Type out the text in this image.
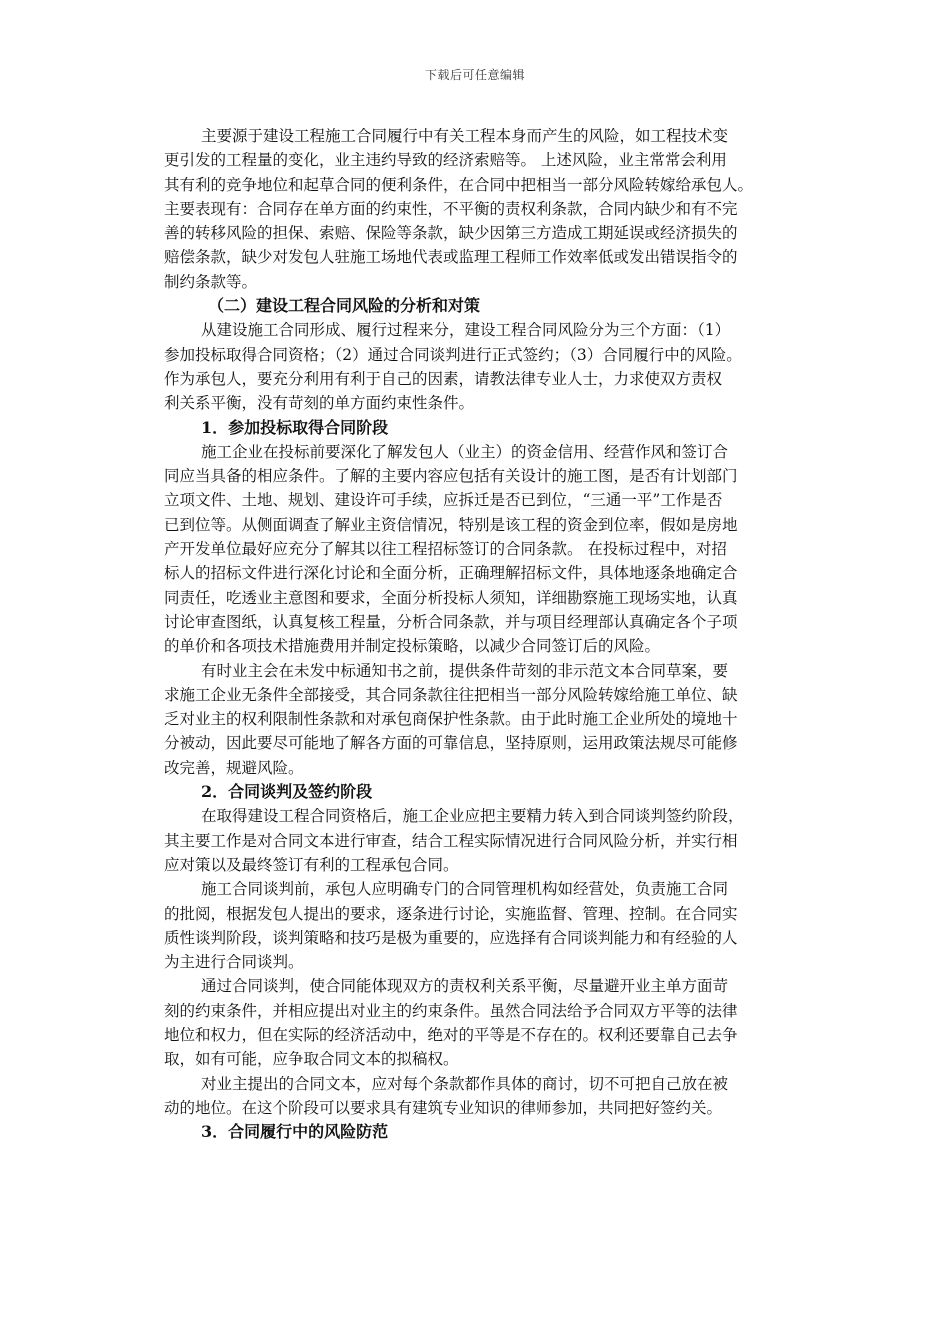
下载后可任意编辑
主要源于建设工程施工合同履行中有关工程本身而产生的风险，如工程技术变
更引发的工程量的变化，业主违约导致的经济索赔等。 上述风险，业主常常会利用
其有利的竞争地位和起草合同的便利条件，在合同中把相当一部分风险转嫁给承包人。
主要表现有：合同存在单方面的约束性，不平衡的责权利条款，合同内缺少和有不完
善的转移风险的担保、索赔、保险等条款，缺少因第三方造成工期延误或经济损失的
赔偿条款，缺少对发包人驻施工场地代表或监理工程师工作效率低或发出错误指令的
制约条款等。
（二）建设工程合同风险的分析和对策
从建设施工合同形成、履行过程来分，建设工程合同风险分为三个方面：（1）
参加投标取得合同资格；（2）通过合同谈判进行正式签约；（3）合同履行中的风险。
作为承包人，要充分利用有利于自己的因素，请教法律专业人士，力求使双方责权
利关系平衡，没有苛刻的单方面约束性条件。
1．参加投标取得合同阶段
施工企业在投标前要深化了解发包人（业主）的资金信用、经营作风和签订合
同应当具备的相应条件。了解的主要内容应包括有关设计的施工图，是否有计划部门
立项文件、土地、规划、建设许可手续，应拆迁是否已到位，“三通一平”工作是否
已到位等。从侧面调查了解业主资信情况，特别是该工程的资金到位率，假如是房地
产开发单位最好应充分了解其以往工程招标签订的合同条款。 在投标过程中，对招
标人的招标文件进行深化讨论和全面分析，正确理解招标文件，具体地逐条地确定合
同责任，吃透业主意图和要求，全面分析投标人须知，详细勘察施工现场实地，认真
讨论审查图纸，认真复核工程量，分析合同条款，并与项目经理部认真确定各个子项
的单价和各项技术措施费用并制定投标策略，以减少合同签订后的风险。
有时业主会在未发中标通知书之前，提供条件苛刻的非示范文本合同草案，要
求施工企业无条件全部接受，其合同条款往往把相当一部分风险转嫁给施工单位、缺
乏对业主的权利限制性条款和对承包商保护性条款。由于此时施工企业所处的境地十
分被动，因此要尽可能地了解各方面的可靠信息，坚持原则，运用政策法规尽可能修
改完善，规避风险。
2．合同谈判及签约阶段
在取得建设工程合同资格后，施工企业应把主要精力转入到合同谈判签约阶段，
其主要工作是对合同文本进行审查，结合工程实际情况进行合同风险分析，并实行相
应对策以及最终签订有利的工程承包合同。
施工合同谈判前，承包人应明确专门的合同管理机构如经营处，负责施工合同
的批阅，根据发包人提出的要求，逐条进行讨论，实施监督、管理、控制。在合同实
质性谈判阶段，谈判策略和技巧是极为重要的，应选择有合同谈判能力和有经验的人
为主进行合同谈判。
通过合同谈判，使合同能体现双方的责权利关系平衡，尽量避开业主单方面苛
刻的约束条件，并相应提出对业主的约束条件。虽然合同法给予合同双方平等的法律
地位和权力，但在实际的经济活动中，绝对的平等是不存在的。权利还要靠自己去争
取，如有可能，应争取合同文本的拟稿权。
对业主提出的合同文本，应对每个条款都作具体的商讨，切不可把自己放在被
动的地位。在这个阶段可以要求具有建筑专业知识的律师参加，共同把好签约关。
3．合同履行中的风险防范
